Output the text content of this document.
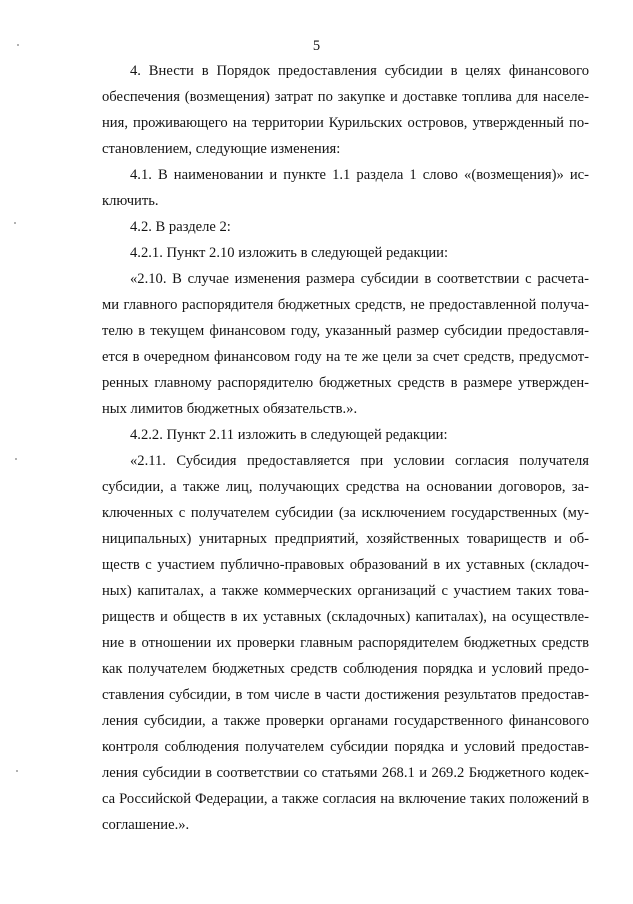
5
4. Внести в Порядок предоставления субсидии в целях финансового
обеспечения (возмещения) затрат по закупке и доставке топлива для населе-
ния, проживающего на территории Курильских островов, утвержденный по-
становлением, следующие изменения:
4.1. В наименовании и пункте 1.1 раздела 1 слово «(возмещения)» ис-
ключить.
4.2. В разделе 2:
4.2.1. Пункт 2.10 изложить в следующей редакции:
«2.10. В случае изменения размера субсидии в соответствии с расчета-
ми главного распорядителя бюджетных средств, не предоставленной получа-
телю в текущем финансовом году, указанный размер субсидии предоставля-
ется в очередном финансовом году на те же цели за счет средств, предусмот-
ренных главному распорядителю бюджетных средств в размере утвержден-
ных лимитов бюджетных обязательств.».
4.2.2. Пункт 2.11 изложить в следующей редакции:
«2.11. Субсидия предоставляется при условии согласия получателя
субсидии, а также лиц, получающих средства на основании договоров, за-
ключенных с получателем субсидии (за исключением государственных (му-
ниципальных) унитарных предприятий, хозяйственных товариществ и об-
ществ с участием публично-правовых образований в их уставных (складоч-
ных) капиталах, а также коммерческих организаций с участием таких това-
риществ и обществ в их уставных (складочных) капиталах), на осуществле-
ние в отношении их проверки главным распорядителем бюджетных средств
как получателем бюджетных средств соблюдения порядка и условий предо-
ставления субсидии, в том числе в части достижения результатов предостав-
ления субсидии, а также проверки органами государственного финансового
контроля соблюдения получателем субсидии порядка и условий предостав-
ления субсидии в соответствии со статьями 268.1 и 269.2 Бюджетного кодек-
са Российской Федерации, а также согласия на включение таких положений в
соглашение.».
